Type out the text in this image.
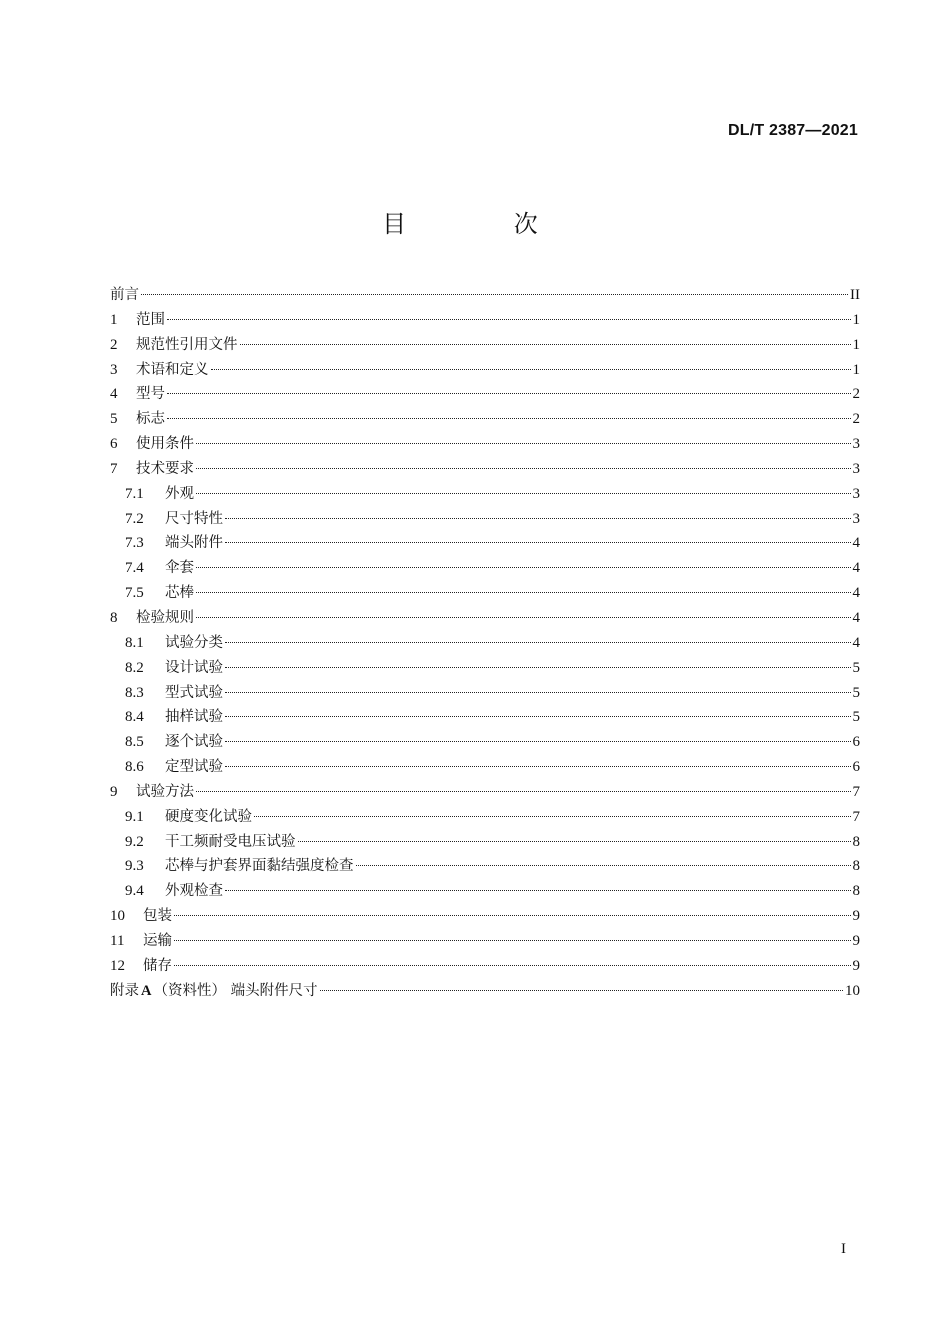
DL/T 2387—2021
目 次
前言	II
1	范围	1
2	规范性引用文件	1
3	术语和定义	1
4	型号	2
5	标志	2
6	使用条件	3
7	技术要求	3
7.1	外观	3
7.2	尺寸特性	3
7.3	端头附件	4
7.4	伞套	4
7.5	芯棒	4
8	检验规则	4
8.1	试验分类	4
8.2	设计试验	5
8.3	型式试验	5
8.4	抽样试验	5
8.5	逐个试验	6
8.6	定型试验	6
9	试验方法	7
9.1	硬度变化试验	7
9.2	干工频耐受电压试验	8
9.3	芯棒与护套界面黏结强度检查	8
9.4	外观检查	8
10	包装	9
11	运输	9
12	储存	9
附录 A （资料性） 端头附件尺寸	10
I
